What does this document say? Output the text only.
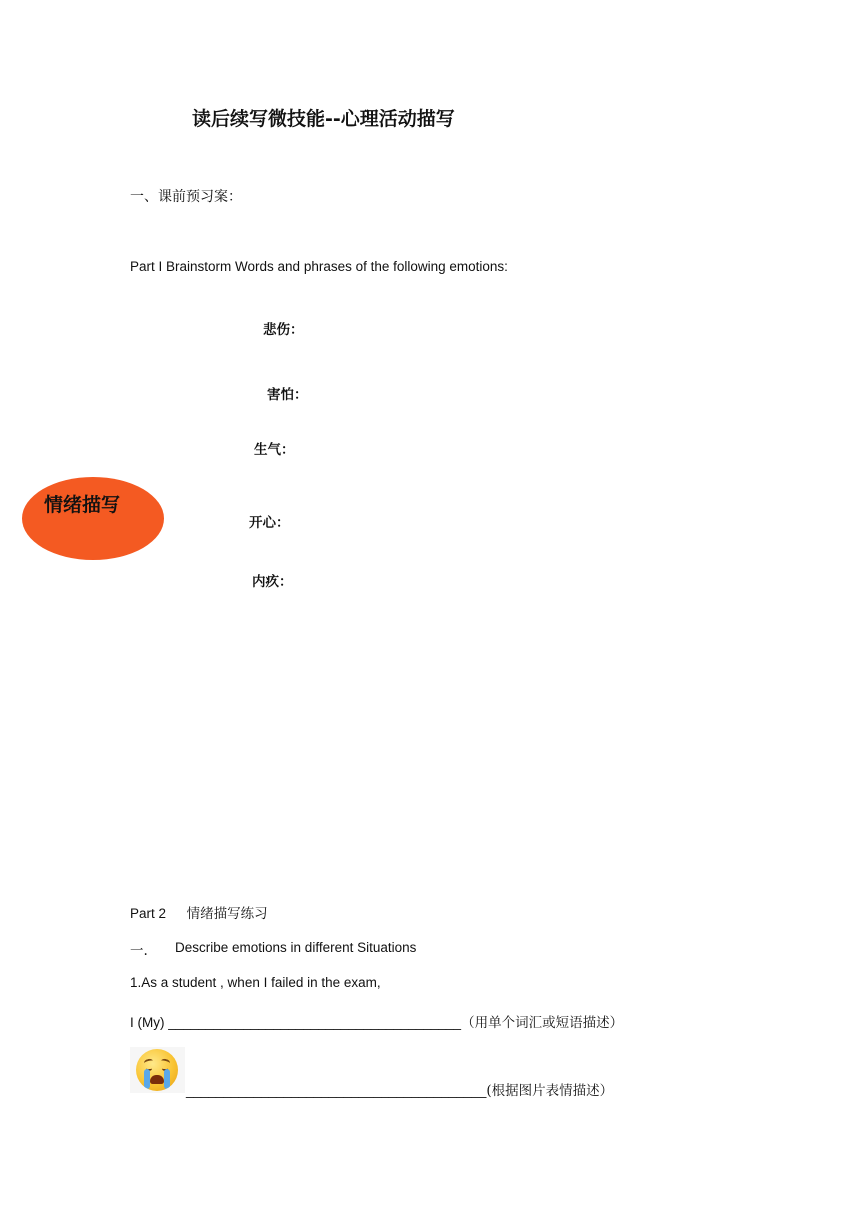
读后续写微技能--心理活动描写
一、课前预习案：
Part I Brainstorm Words and phrases of the following emotions:
悲伤：
害怕：
生气：
情绪描写
开心：
内疚：
Part 2 情绪描写练习
一. Describe emotions in different Situations
1.As a student , when I failed in the exam,
I (My) _______________________________________（用单个词汇或短语描述）
________________________________________(根据图片表情描述）
